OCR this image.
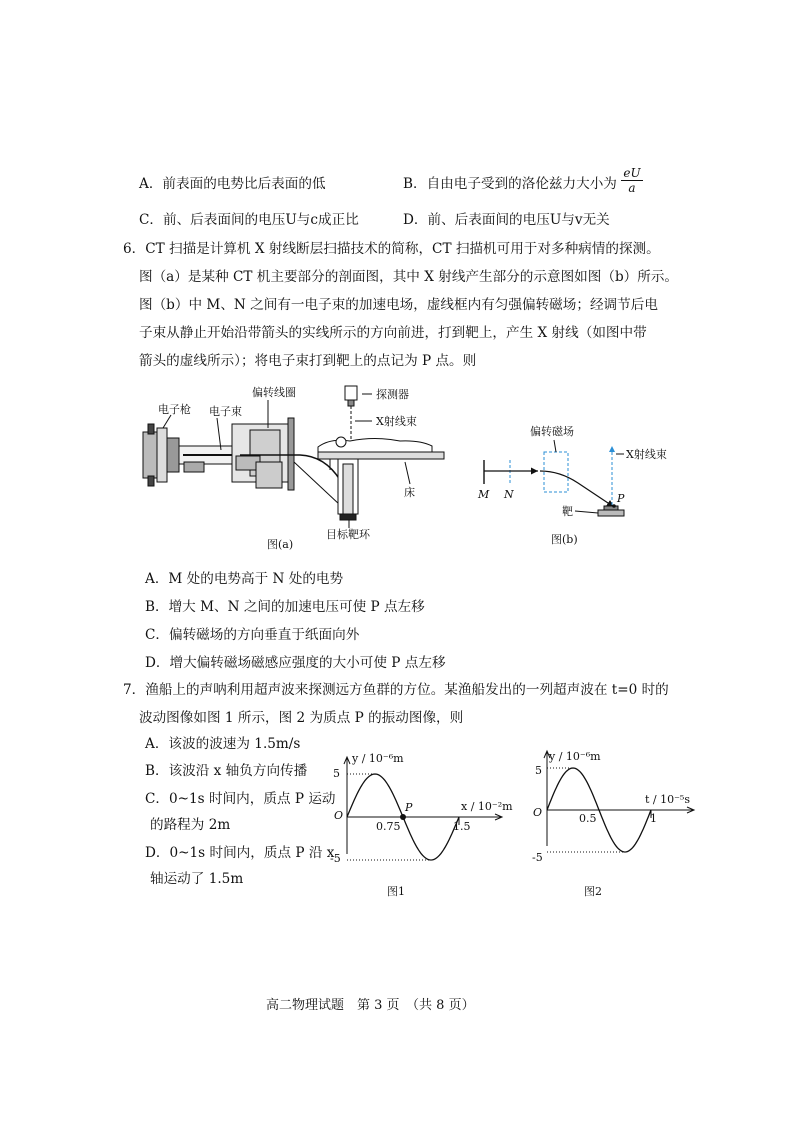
A．前表面的电势比后表面的低	B．自由电子受到的洛伦兹力大小为 $\frac{eU}{a}$
C．前、后表面间的电压U与c成正比	D．前、后表面间的电压U与v无关
6．CT 扫描是计算机 X 射线断层扫描技术的简称，CT 扫描机可用于对多种病情的探测。
图（a）是某种 CT 机主要部分的剖面图，其中 X 射线产生部分的示意图如图（b）所示。
图（b）中 M、N 之间有一电子束的加速电场，虚线框内有匀强偏转磁场；经调节后电
子束从静止开始沿带箭头的实线所示的方向前进，打到靶上，产生 X 射线（如图中带
箭头的虚线所示）；将电子束打到靶上的点记为 P 点。则
电子枪 电子束
偏转线圈	探测器
X射线束
床
目标靶环
图(a)
偏转磁场
X射线束
M N	P
靶
图(b)
A．M 处的电势高于 N 处的电势
B．增大 M、N 之间的加速电压可使 P 点左移
C．偏转磁场的方向垂直于纸面向外
D．增大偏转磁场磁感应强度的大小可使 P 点左移
7．渔船上的声呐利用超声波来探测远方鱼群的方位。某渔船发出的一列超声波在 t=0 时的
波动图像如图 1 所示，图 2 为质点 P 的振动图像，则
A．该波的波速为 1.5m/s
B．该波沿 x 轴负方向传播
C．0~1s 时间内，质点 P 运动
的路程为 2m
D．0~1s 时间内，质点 P 沿 x
轴运动了 1.5m
y / 10⁻⁶m
x / 10⁻²m
5
-5
0.75	1.5
O
P
图1
y / 10⁻⁶m
t / 10⁻⁵s
5
-5
0.5	1
O
图2
高二物理试题　第 3 页　（共 8 页）
